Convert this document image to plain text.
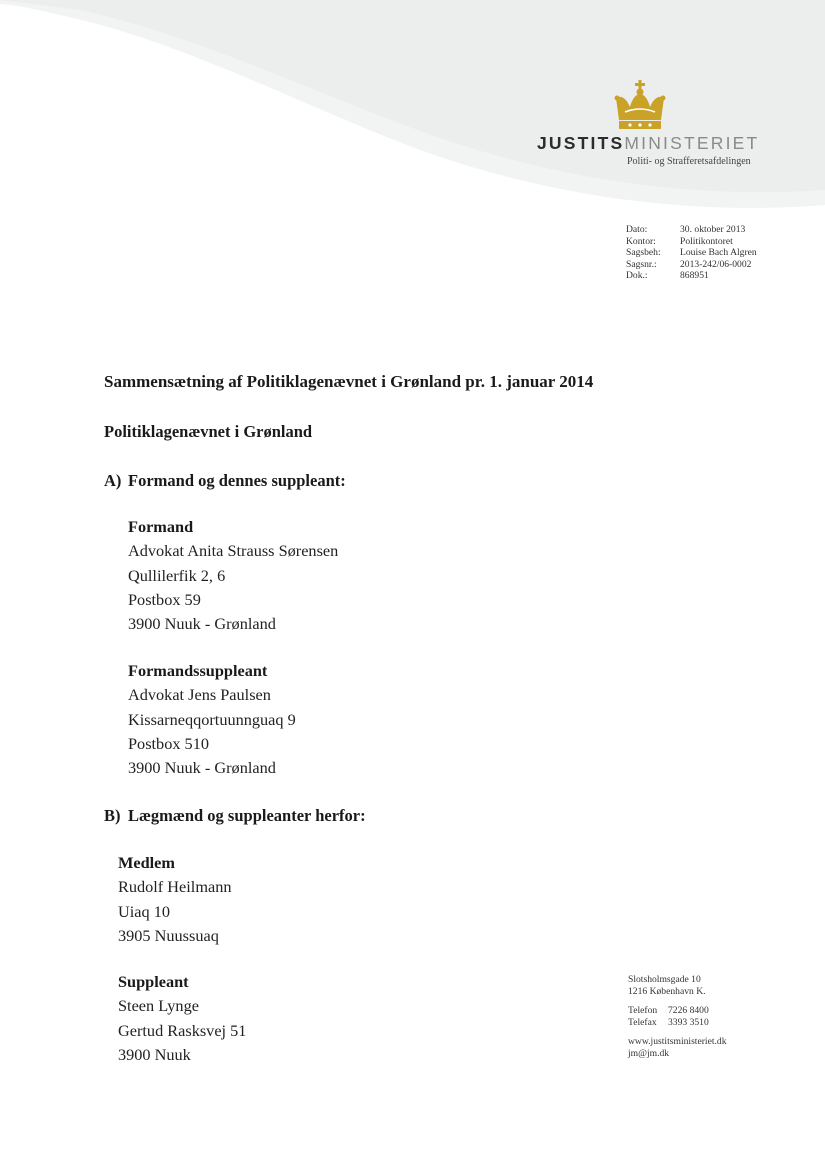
JUSTITSMINISTERIET
Politi- og Strafferetsafdelingen
Dato:	30. oktober 2013
Kontor:	Politikontoret
Sagsbeh:	Louise Bach Algren
Sagsnr.:	2013-242/06-0002
Dok.:	868951
Sammensætning af Politiklagenævnet i Grønland pr. 1. januar 2014
Politiklagenævnet i Grønland
A) Formand og dennes suppleant:
Formand
Advokat Anita Strauss Sørensen
Qullilerfik 2, 6
Postbox 59
3900 Nuuk - Grønland
Formandssuppleant
Advokat Jens Paulsen
Kissarneqqortuunnguaq 9
Postbox 510
3900 Nuuk - Grønland
B) Lægmænd og suppleanter herfor:
Medlem
Rudolf Heilmann
Uiaq 10
3905 Nuussuaq
Suppleant
Steen Lynge
Gertud Rasksvej 51
3900 Nuuk
Slotsholmsgade 10
1216 København K.
Telefon 7226 8400
Telefax 3393 3510
www.justitsministeriet.dk
jm@jm.dk
